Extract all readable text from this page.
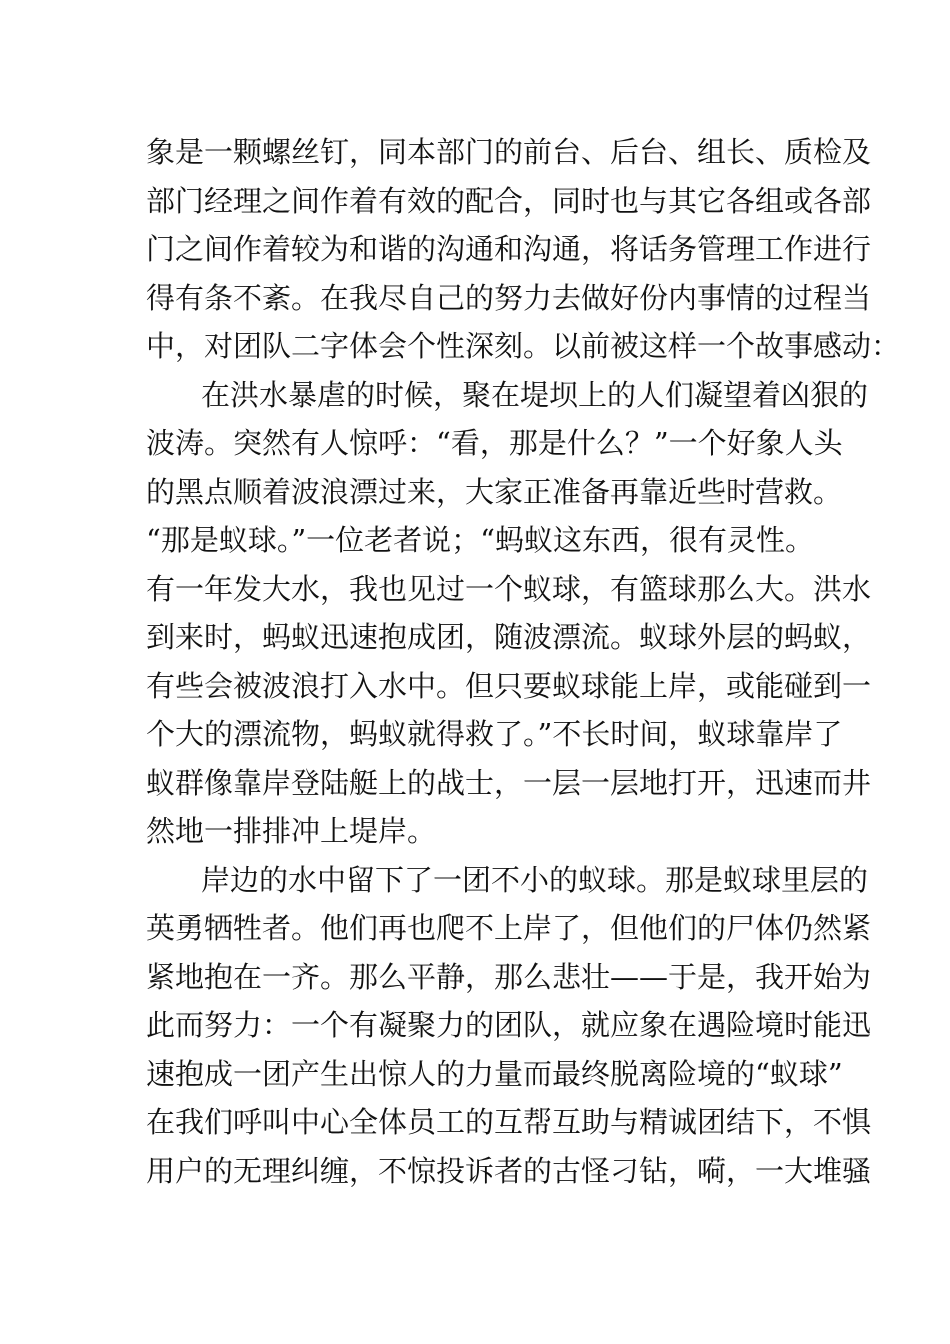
象是一颗螺丝钉，同本部门的前台、后台、组长、质检及
部门经理之间作着有效的配合，同时也与其它各组或各部
门之间作着较为和谐的沟通和沟通，将话务管理工作进行
得有条不紊。在我尽自己的努力去做好份内事情的过程当
中，对团队二字体会个性深刻。以前被这样一个故事感动：
在洪水暴虐的时候，聚在堤坝上的人们凝望着凶狠的
波涛。突然有人惊呼：“看，那是什么？”一个好象人头
的黑点顺着波浪漂过来，大家正准备再靠近些时营救。
“那是蚁球。”一位老者说；“蚂蚁这东西，很有灵性。
有一年发大水，我也见过一个蚁球，有篮球那么大。洪水
到来时，蚂蚁迅速抱成团，随波漂流。蚁球外层的蚂蚁，
有些会被波浪打入水中。但只要蚁球能上岸，或能碰到一
个大的漂流物，蚂蚁就得救了。”不长时间，蚁球靠岸了
蚁群像靠岸登陆艇上的战士，一层一层地打开，迅速而井
然地一排排冲上堤岸。
岸边的水中留下了一团不小的蚁球。那是蚁球里层的
英勇牺牲者。他们再也爬不上岸了，但他们的尸体仍然紧
紧地抱在一齐。那么平静，那么悲壮——于是，我开始为
此而努力：一个有凝聚力的团队，就应象在遇险境时能迅
速抱成一团产生出惊人的力量而最终脱离险境的“蚁球”
在我们呼叫中心全体员工的互帮互助与精诚团结下，不惧
用户的无理纠缠，不惊投诉者的古怪刁钻，嗬，一大堆骚
